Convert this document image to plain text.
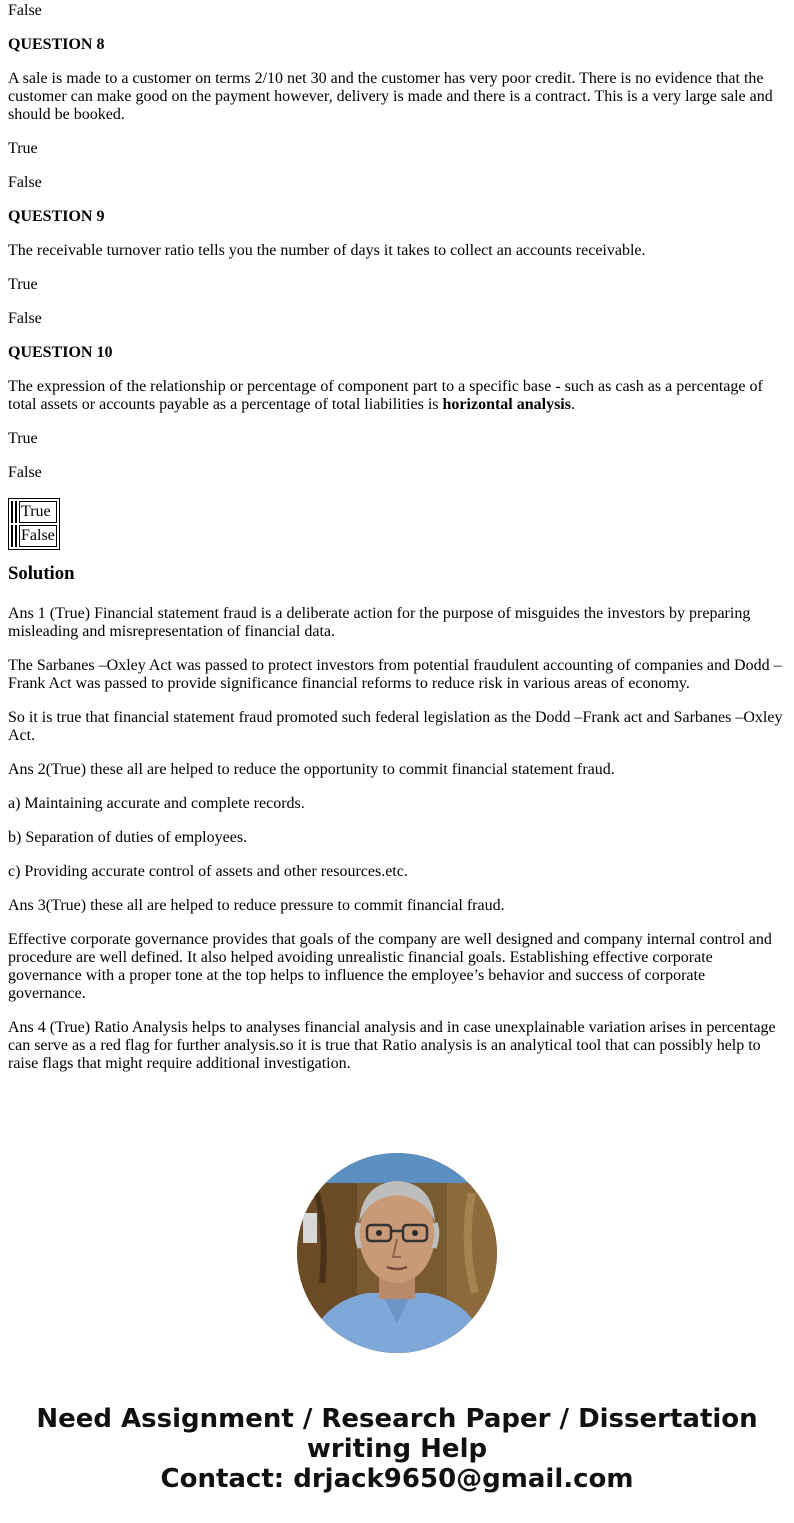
False

QUESTION 8

A sale is made to a customer on terms 2/10 net 30 and the customer has very poor credit. There is no evidence that the customer can make good on the payment however, delivery is made and there is a contract. This is a very large sale and should be booked.

True

False

QUESTION 9

The receivable turnover ratio tells you the number of days it takes to collect an accounts receivable.

True

False

QUESTION 10

The expression of the relationship or percentage of component part to a specific base - such as cash as a percentage of total assets or accounts payable as a percentage of total liabilities is horizontal analysis.

True

False

		True
		False
Solution

Ans 1 (True) Financial statement fraud is a deliberate action for the purpose of misguides the investors by preparing misleading and misrepresentation of financial data.

The Sarbanes –Oxley Act was passed to protect investors from potential fraudulent accounting of companies and Dodd –Frank Act was passed to provide significance financial reforms to reduce risk in various areas of economy.

So it is true that financial statement fraud promoted such federal legislation as the Dodd –Frank act and Sarbanes –Oxley Act.

Ans 2(True) these all are helped to reduce the opportunity to commit financial statement fraud.

a) Maintaining accurate and complete records.

b) Separation of duties of employees.

c) Providing accurate control of assets and other resources.etc.

Ans 3(True) these all are helped to reduce pressure to commit financial fraud.

Effective corporate governance provides that goals of the company are well designed and company internal control and procedure are well defined. It also helped avoiding unrealistic financial goals. Establishing effective corporate governance with a proper tone at the top helps to influence the employee’s behavior and success of corporate governance.

Ans 4 (True) Ratio Analysis helps to analyses financial analysis and in case unexplainable variation arises in percentage can serve as a red flag for further analysis.so it is true that Ratio analysis is an analytical tool that can possibly help to raise flags that might require additional investigation.

Need Assignment / Research Paper / Dissertation
writing Help
Contact: drjack9650@gmail.com
